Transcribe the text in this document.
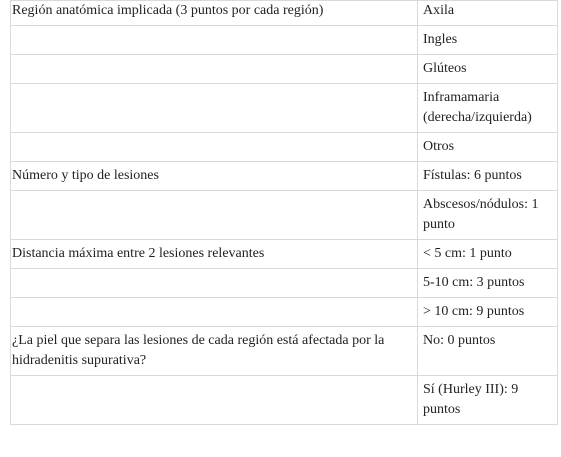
Región anatómica implicada (3 puntos por cada región)	Axila
	Ingles
	Glúteos
	Inframamaria (derecha/izquierda)
	Otros
Número y tipo de lesiones	Fístulas: 6 puntos
	Abscesos/nódulos: 1 punto
Distancia máxima entre 2 lesiones relevantes	< 5 cm: 1 punto
	5-10 cm: 3 puntos
	> 10 cm: 9 puntos
¿La piel que separa las lesiones de cada región está afectada por la hidradenitis supurativa?	No: 0 puntos
	Sí (Hurley III): 9 puntos
